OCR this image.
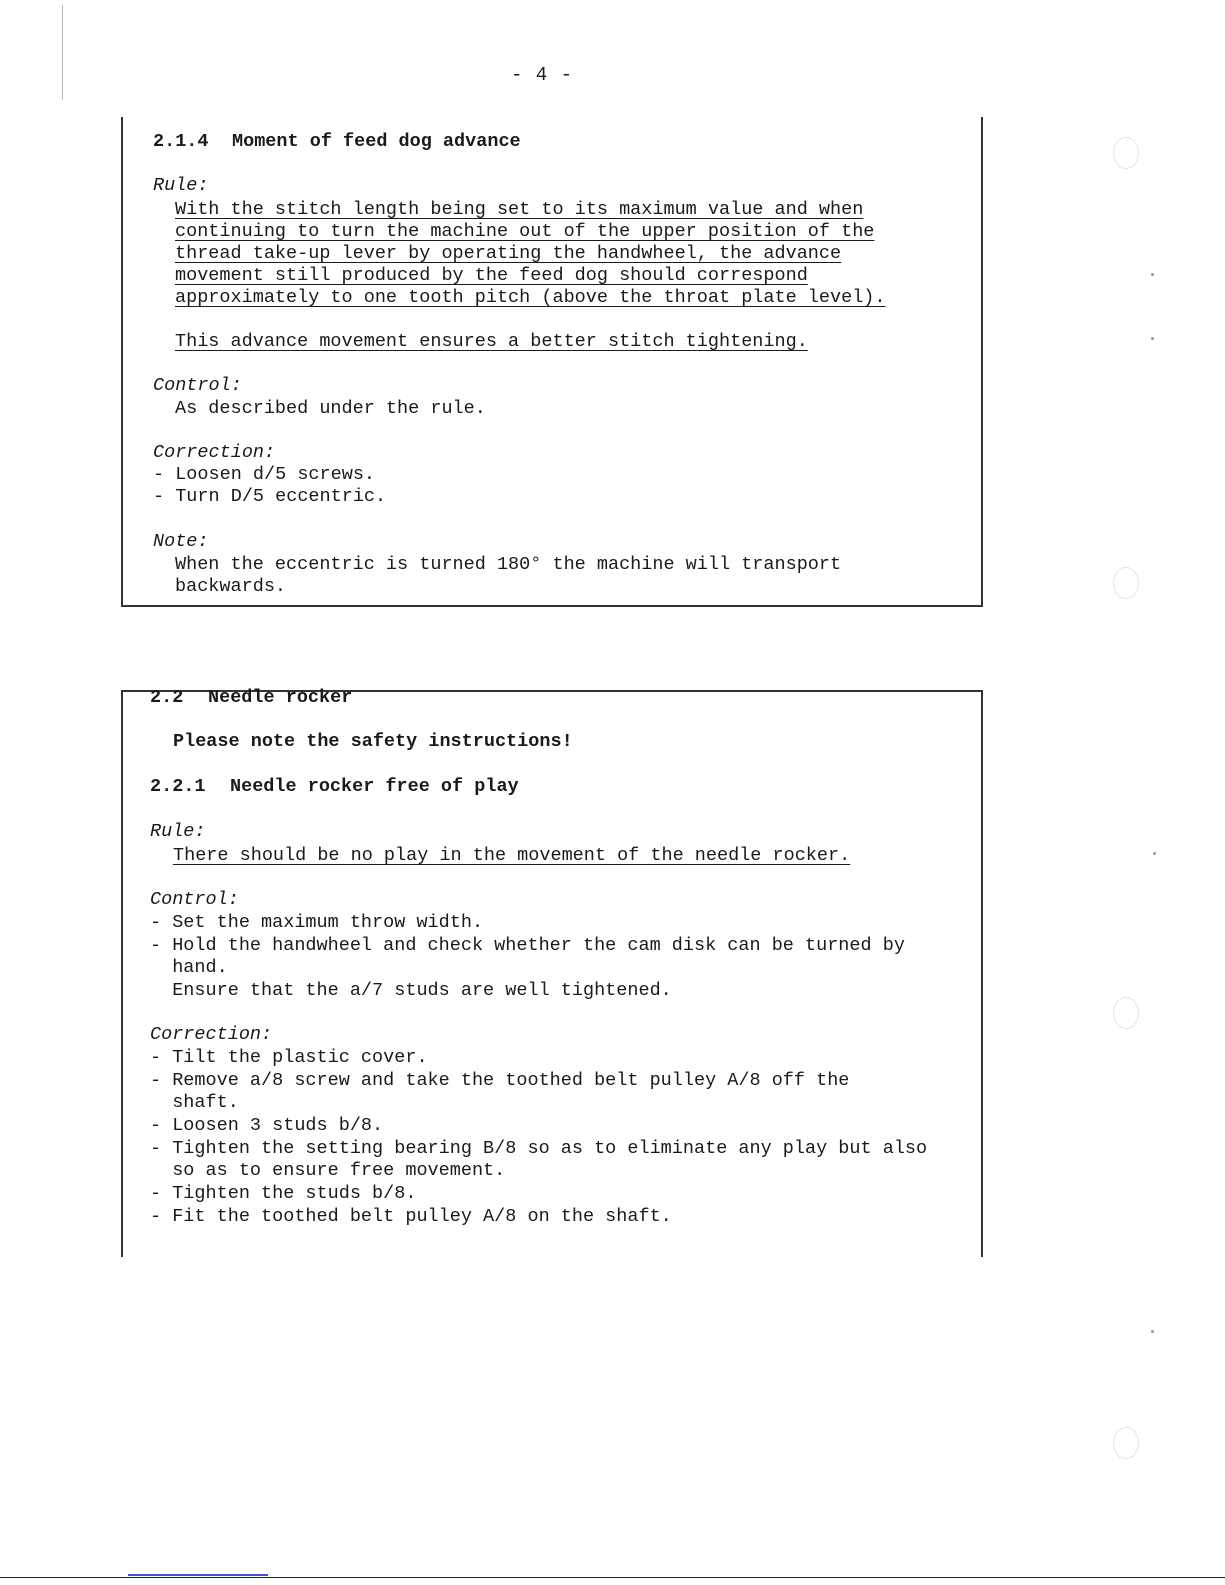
- 4 -
2.1.4 Moment of feed dog advance
Rule:
With the stitch length being set to its maximum value and when
continuing to turn the machine out of the upper position of the
thread take-up lever by operating the handwheel, the advance
movement still produced by the feed dog should correspond
approximately to one tooth pitch (above the throat plate level).
This advance movement ensures a better stitch tightening.
Control:
As described under the rule.
Correction:
- Loosen d/5 screws.
- Turn D/5 eccentric.
Note:
When the eccentric is turned 180° the machine will transport
backwards.
2.2 Needle rocker
Please note the safety instructions!
2.2.1 Needle rocker free of play
Rule:
There should be no play in the movement of the needle rocker.
Control:
- Set the maximum throw width.
- Hold the handwheel and check whether the cam disk can be turned by
hand.
Ensure that the a/7 studs are well tightened.
Correction:
- Tilt the plastic cover.
- Remove a/8 screw and take the toothed belt pulley A/8 off the
shaft.
- Loosen 3 studs b/8.
- Tighten the setting bearing B/8 so as to eliminate any play but also
so as to ensure free movement.
- Tighten the studs b/8.
- Fit the toothed belt pulley A/8 on the shaft.
